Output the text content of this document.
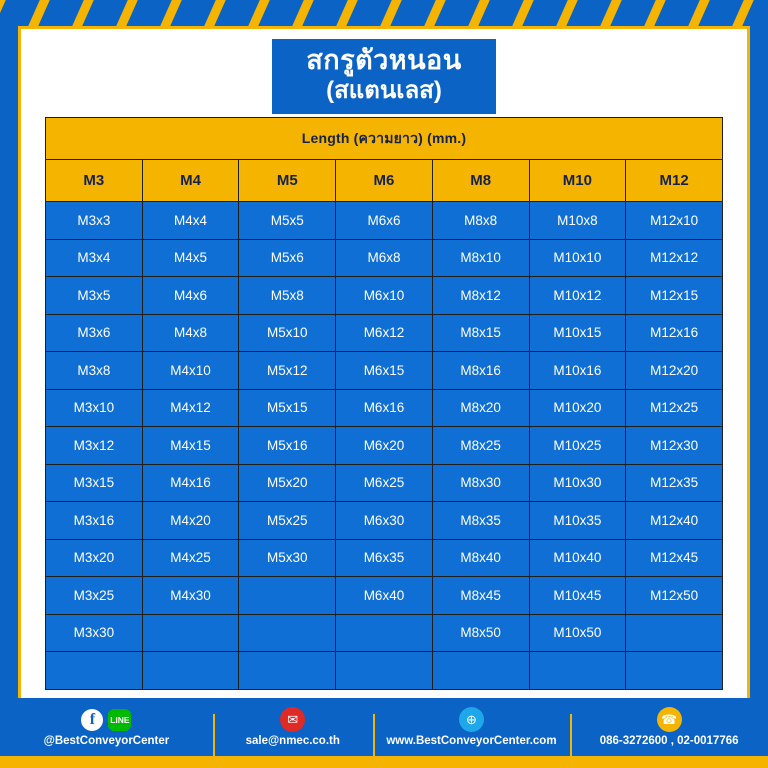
สกรูตัวหนอน
(สแตนเลส)
Length (ความยาว) (mm.)						
M3	M4	M5	M6	M8	M10	M12
M3x3	M4x4	M5x5	M6x6	M8x8	M10x8	M12x10
M3x4	M4x5	M5x6	M6x8	M8x10	M10x10	M12x12
M3x5	M4x6	M5x8	M6x10	M8x12	M10x12	M12x15
M3x6	M4x8	M5x10	M6x12	M8x15	M10x15	M12x16
M3x8	M4x10	M5x12	M6x15	M8x16	M10x16	M12x20
M3x10	M4x12	M5x15	M6x16	M8x20	M10x20	M12x25
M3x12	M4x15	M5x16	M6x20	M8x25	M10x25	M12x30
M3x15	M4x16	M5x20	M6x25	M8x30	M10x30	M12x35
M3x16	M4x20	M5x25	M6x30	M8x35	M10x35	M12x40
M3x20	M4x25	M5x30	M6x35	M8x40	M10x40	M12x45
M3x25	M4x30		M6x40	M8x45	M10x45	M12x50
M3x30				M8x50	M10x50	

f LINE
@BestConveyorCenter
✉
sale@nmec.co.th
⊕
www.BestConveyorCenter.com
☎
086-3272600 , 02-0017766
